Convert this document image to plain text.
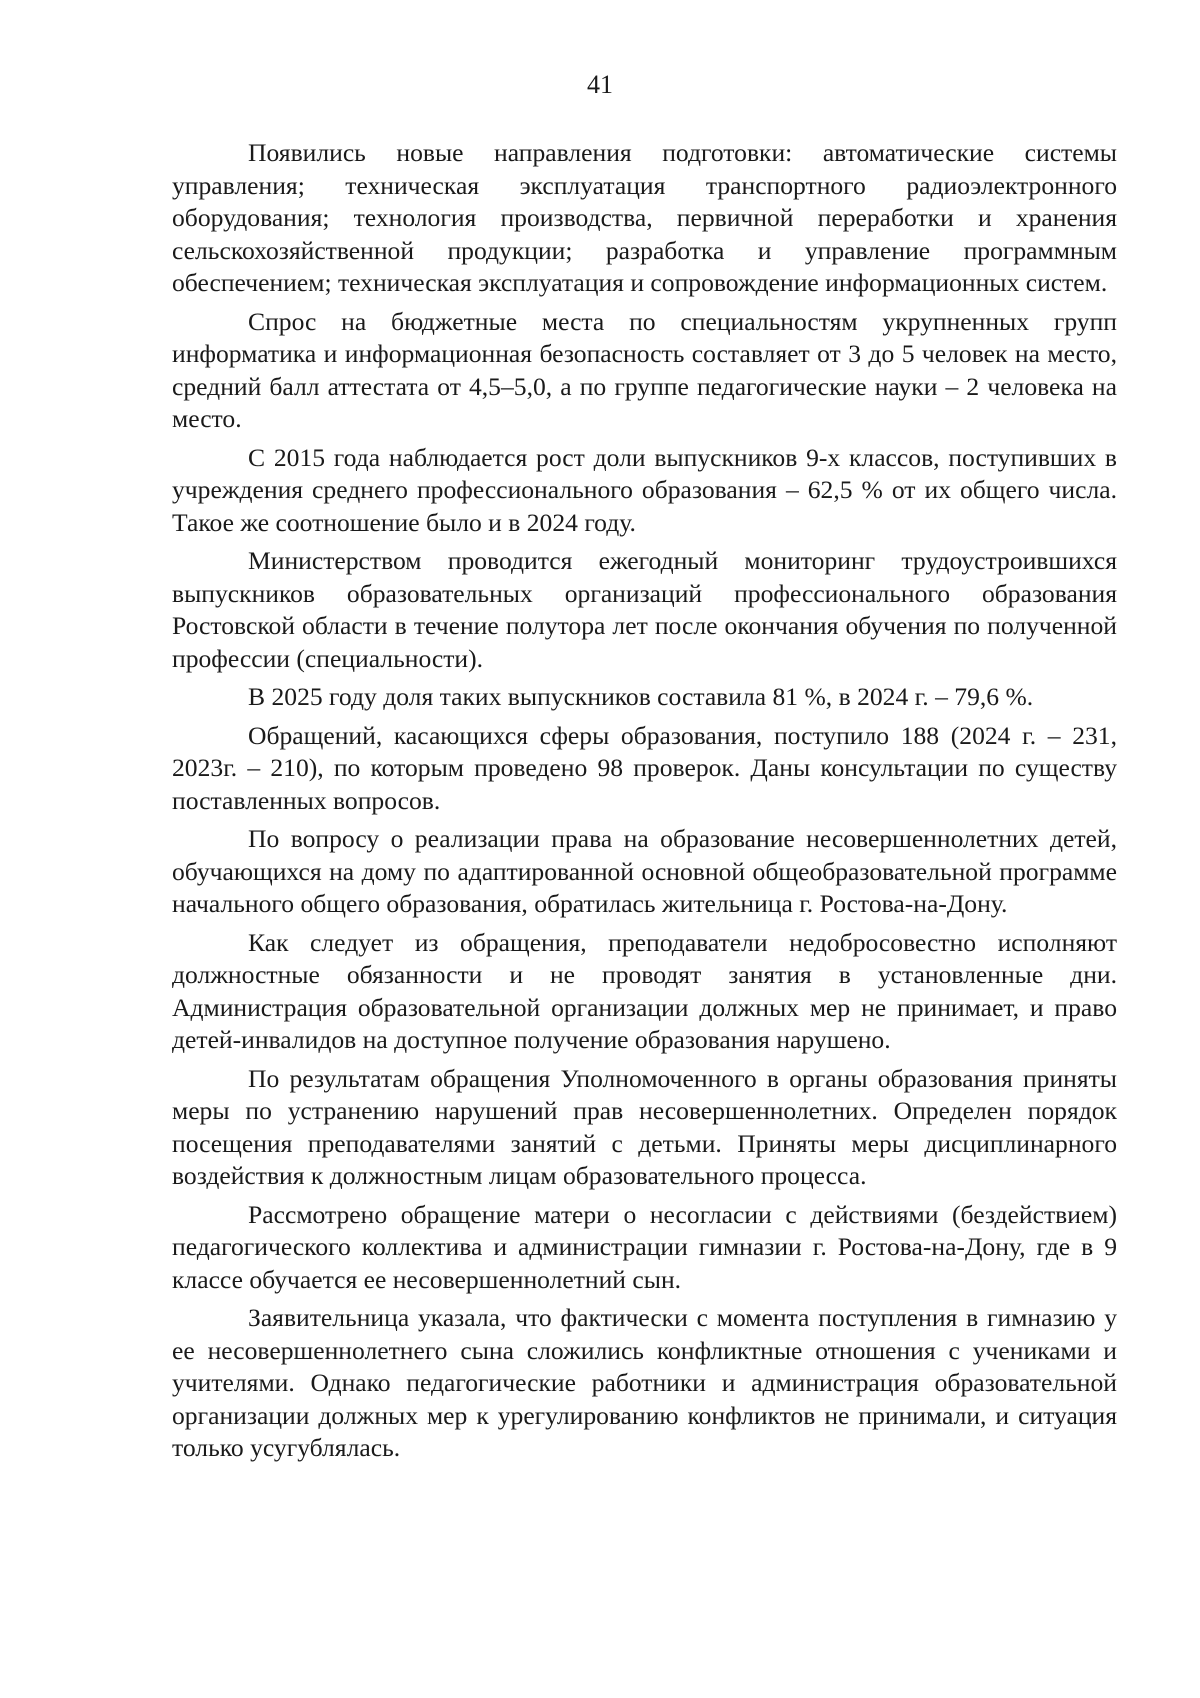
41

Появились новые направления подготовки: автоматические системы управления; техническая эксплуатация транспортного радиоэлектронного оборудования; технология производства, первичной переработки и хранения сельскохозяйственной продукции; разработка и управление программным обеспечением; техническая эксплуатация и сопровождение информационных систем.

Спрос на бюджетные места по специальностям укрупненных групп информатика и информационная безопасность составляет от 3 до 5 человек на место, средний балл аттестата от 4,5–5,0, а по группе педагогические науки – 2 человека на место.

С 2015 года наблюдается рост доли выпускников 9-х классов, поступивших в учреждения среднего профессионального образования – 62,5 % от их общего числа. Такое же соотношение было и в 2024 году.

Министерством проводится ежегодный мониторинг трудоустроившихся выпускников образовательных организаций профессионального образования Ростовской области в течение полутора лет после окончания обучения по полученной профессии (специальности).

В 2025 году доля таких выпускников составила 81 %, в 2024 г. – 79,6 %.

Обращений, касающихся сферы образования, поступило 188 (2024 г. – 231, 2023г. – 210), по которым проведено 98 проверок. Даны консультации по существу поставленных вопросов.

По вопросу о реализации права на образование несовершеннолетних детей, обучающихся на дому по адаптированной основной общеобразовательной программе начального общего образования, обратилась жительница г. Ростова-на-Дону.

Как следует из обращения, преподаватели недобросовестно исполняют должностные обязанности и не проводят занятия в установленные дни. Администрация образовательной организации должных мер не принимает, и право детей-инвалидов на доступное получение образования нарушено.

По результатам обращения Уполномоченного в органы образования приняты меры по устранению нарушений прав несовершеннолетних. Определен порядок посещения преподавателями занятий с детьми. Приняты меры дисциплинарного воздействия к должностным лицам образовательного процесса.

Рассмотрено обращение матери о несогласии с действиями (бездействием) педагогического коллектива и администрации гимназии г. Ростова-на-Дону, где в 9 классе обучается ее несовершеннолетний сын.

Заявительница указала, что фактически с момента поступления в гимназию у ее несовершеннолетнего сына сложились конфликтные отношения с учениками и учителями. Однако педагогические работники и администрация образовательной организации должных мер к урегулированию конфликтов не принимали, и ситуация только усугублялась.
